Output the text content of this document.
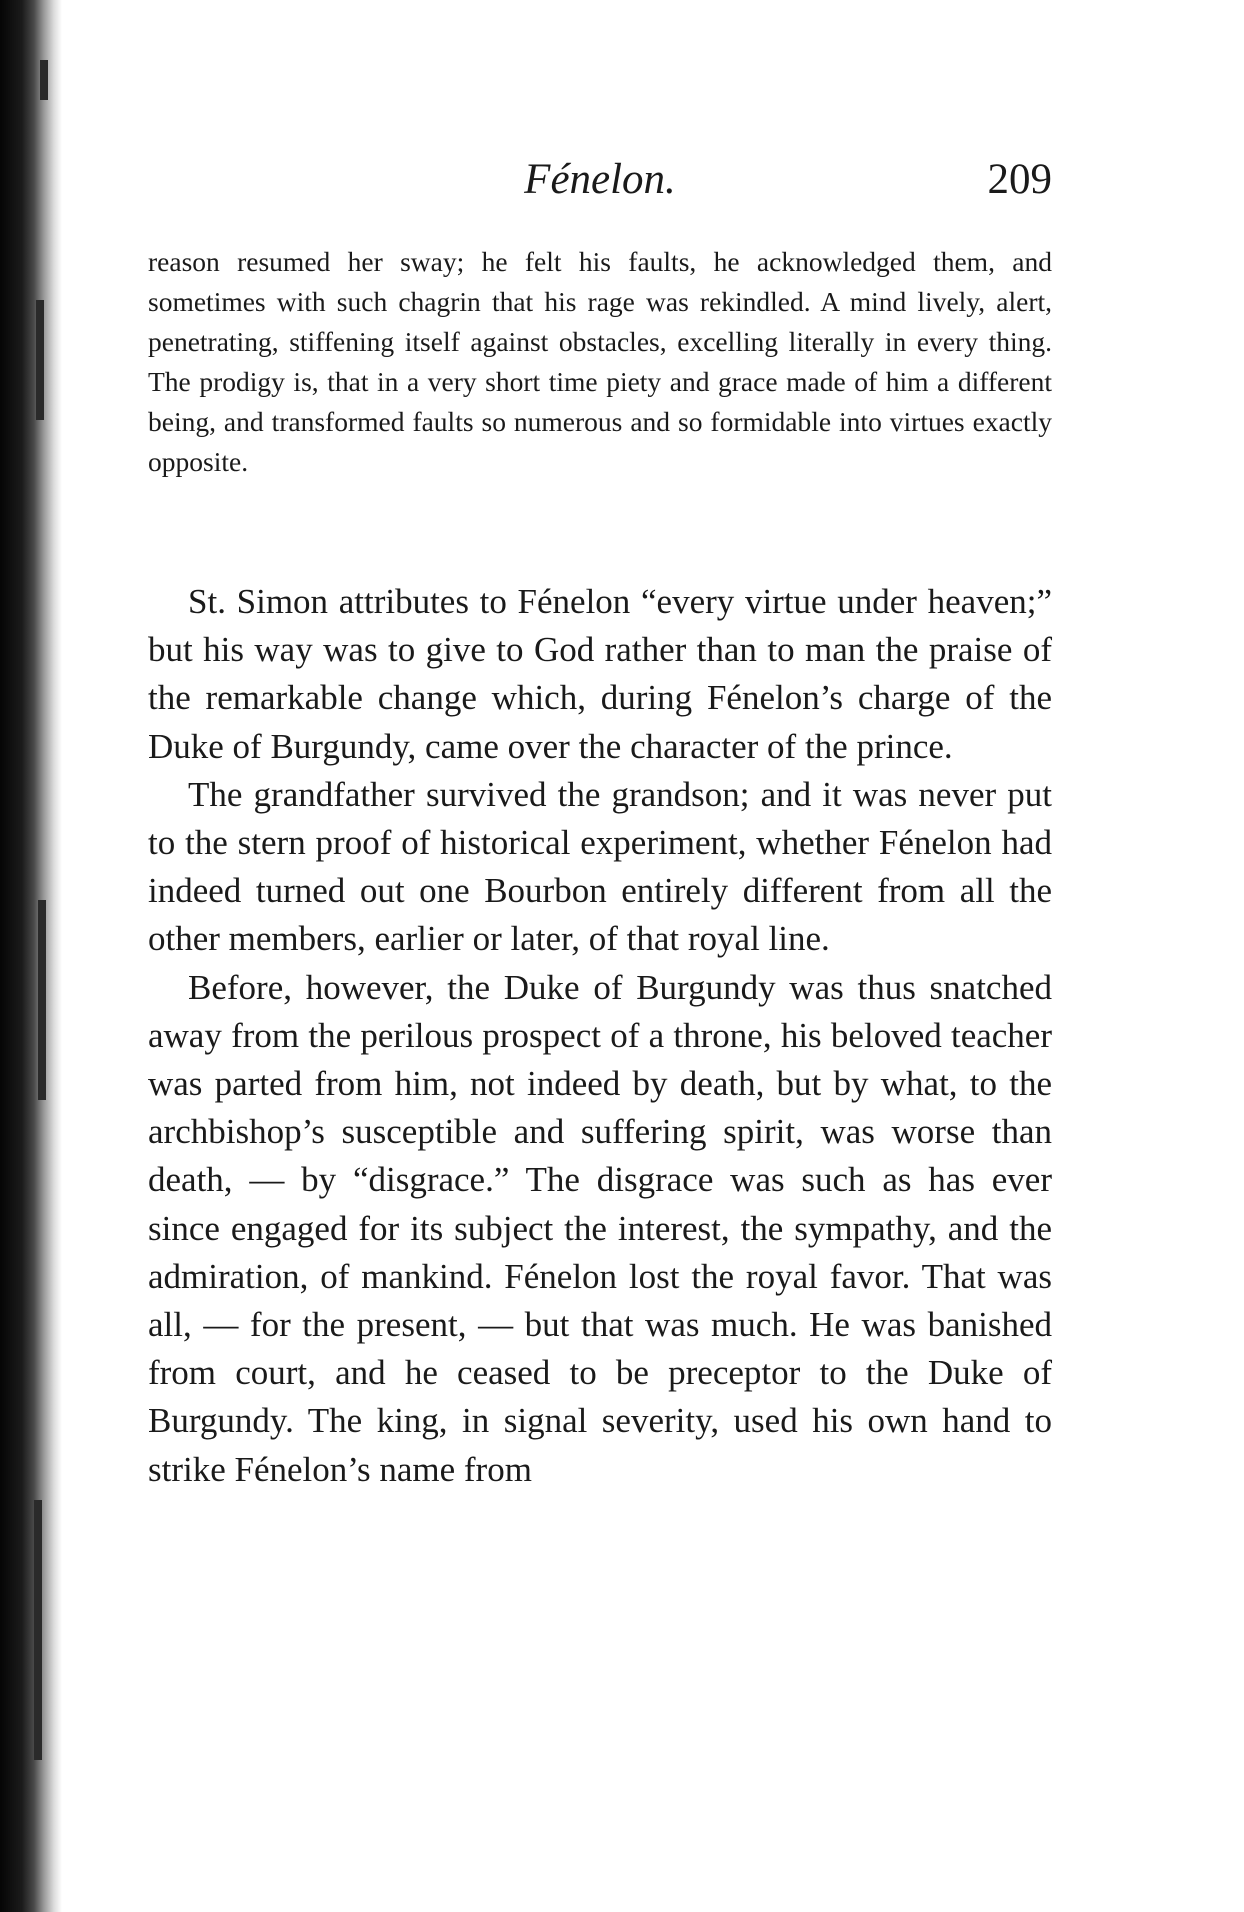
Fénelon.	209

reason resumed her sway; he felt his faults, he acknowledged them, and sometimes with such chagrin that his rage was rekindled. A mind lively, alert, penetrating, stiffening itself against obstacles, excelling literally in every thing. The prodigy is, that in a very short time piety and grace made of him a different being, and transformed faults so numerous and so formidable into virtues exactly opposite.

St. Simon attributes to Fénelon “every virtue under heaven;” but his way was to give to God rather than to man the praise of the remarkable change which, during Fénelon’s charge of the Duke of Burgundy, came over the character of the prince.

The grandfather survived the grandson; and it was never put to the stern proof of historical experiment, whether Fénelon had indeed turned out one Bourbon entirely different from all the other members, earlier or later, of that royal line.

Before, however, the Duke of Burgundy was thus snatched away from the perilous prospect of a throne, his beloved teacher was parted from him, not indeed by death, but by what, to the archbishop’s susceptible and suffering spirit, was worse than death, — by “disgrace.” The disgrace was such as has ever since engaged for its subject the interest, the sympathy, and the admiration, of mankind. Fénelon lost the royal favor. That was all, — for the present, — but that was much. He was banished from court, and he ceased to be preceptor to the Duke of Burgundy. The king, in signal severity, used his own hand to strike Fénelon’s name from
